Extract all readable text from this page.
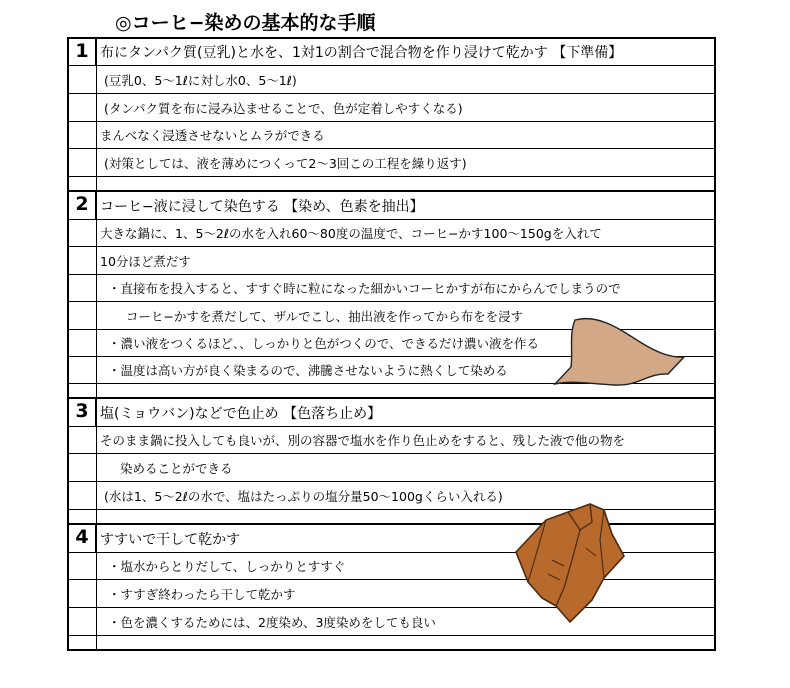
◎コーヒ−染めの基本的な手順
1 布にタンパク質(豆乳)と水を、1対1の割合で混合物を作り浸けて乾かす 【下準備】
(豆乳0、5～1ℓに対し水0、5～1ℓ)
(タンパク質を布に浸み込ませることで、色が定着しやすくなる)
まんべなく浸透させないとムラができる
(対策としては、液を薄めにつくって2～3回この工程を繰り返す)
2 コーヒ−液に浸して染色する 【染め、色素を抽出】
大きな鍋に、1、5～2ℓの水を入れ60～80度の温度で、コーヒ−かす100～150gを入れて
10分ほど煮だす
・直接布を投入すると、すすぐ時に粒になった細かいコーヒかすが布にからんでしまうので
コーヒ−かすを煮だして、ザルでこし、抽出液を作ってから布をを浸す
・濃い液をつくるほど、、しっかりと色がつくので、できるだけ濃い液を作る
・温度は高い方が良く染まるので、沸騰させないように熱くして染める
3 塩(ミョウバン)などで色止め 【色落ち止め】
そのまま鍋に投入しても良いが、別の容器で塩水を作り色止めをすると、残した液で他の物を
染めることができる
(水は1、5～2ℓの水で、塩はたっぷりの塩分量50～100gくらい入れる)
4 すすいで干して乾かす
・塩水からとりだして、しっかりとすすぐ
・すすぎ終わったら干して乾かす
・色を濃くするためには、2度染め、3度染めをしても良い
